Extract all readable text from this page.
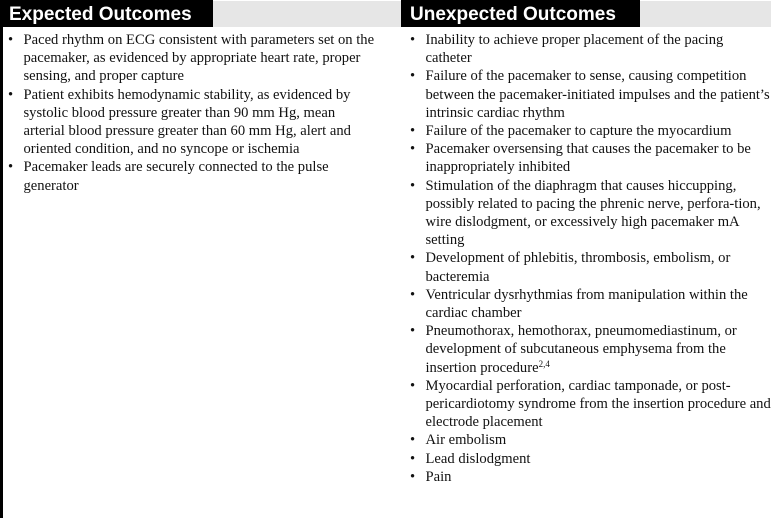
Expected Outcomes	Unexpected Outcomes
• Paced rhythm on ECG consistent with parameters set on the pacemaker, as evidenced by appropriate heart rate, proper sensing, and proper capture
• Patient exhibits hemodynamic stability, as evidenced by systolic blood pressure greater than 90 mm Hg, mean arterial blood pressure greater than 60 mm Hg, alert and oriented condition, and no syncope or ischemia
• Pacemaker leads are securely connected to the pulse generator
• Inability to achieve proper placement of the pacing catheter
• Failure of the pacemaker to sense, causing competition between the pacemaker-initiated impulses and the patient’s intrinsic cardiac rhythm
• Failure of the pacemaker to capture the myocardium
• Pacemaker oversensing that causes the pacemaker to be inappropriately inhibited
• Stimulation of the diaphragm that causes hiccupping, possibly related to pacing the phrenic nerve, perfora-tion, wire dislodgment, or excessively high pacemaker mA setting
• Development of phlebitis, thrombosis, embolism, or bacteremia
• Ventricular dysrhythmias from manipulation within the cardiac chamber
• Pneumothorax, hemothorax, pneumomediastinum, or development of subcutaneous emphysema from the insertion procedure$^{2,4}$
• Myocardial perforation, cardiac tamponade, or post-pericardiotomy syndrome from the insertion procedure and electrode placement
• Air embolism
• Lead dislodgment
• Pain
